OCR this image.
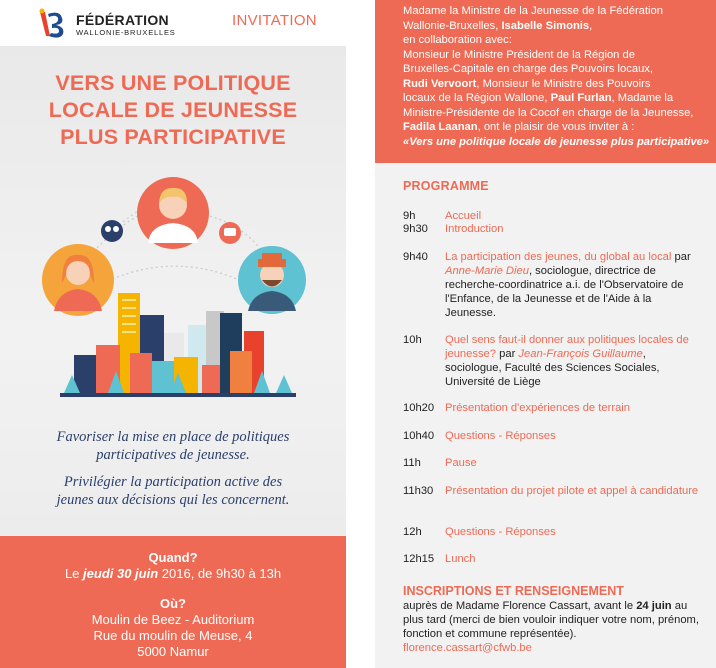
FÉDÉRATION
WALLONIE-BRUXELLES
INVITATION
VERS UNE POLITIQUE
LOCALE DE JEUNESSE
PLUS PARTICIPATIVE
Favoriser la mise en place de politiques
participatives de jeunesse.
Privilégier la participation active des
jeunes aux décisions qui les concernent.
Quand?
Le jeudi 30 juin 2016, de 9h30 à 13h
Où?
Moulin de Beez - Auditorium
Rue du moulin de Meuse, 4
5000 Namur
Madame la Ministre de la Jeunesse de la Fédération
Wallonie-Bruxelles, Isabelle Simonis,
en collaboration avec:
Monsieur le Ministre Président de la Région de
Bruxelles-Capitale en charge des Pouvoirs locaux,
Rudi Vervoort, Monsieur le Ministre des Pouvoirs
locaux de la Région Wallone, Paul Furlan, Madame la
Ministre-Présidente de la Cocof en charge de la Jeunesse,
Fadila Laanan, ont le plaisir de vous inviter à :
«Vers une politique locale de jeunesse plus participative»
PROGRAMME
9h	Accueil
9h30	Introduction
9h40	La participation des jeunes, du global au local par Anne-Marie Dieu, sociologue, directrice de recherche-coordinatrice a.i. de l'Observatoire de l'Enfance, de la Jeunesse et de l'Aide à la Jeunesse.
10h	Quel sens faut-il donner aux politiques locales de jeunesse? par Jean-François Guillaume, sociologue, Faculté des Sciences Sociales, Université de Liège
10h20 Présentation d'expériences de terrain
10h40 Questions - Réponses
11h	Pause
11h30	Présentation du projet pilote et appel à candidature
12h	Questions - Réponses
12h15 Lunch
INSCRIPTIONS ET RENSEIGNEMENT
auprès de Madame Florence Cassart, avant le 24 juin au plus tard (merci de bien vouloir indiquer votre nom, prénom, fonction et commune représentée).
florence.cassart@cfwb.be
